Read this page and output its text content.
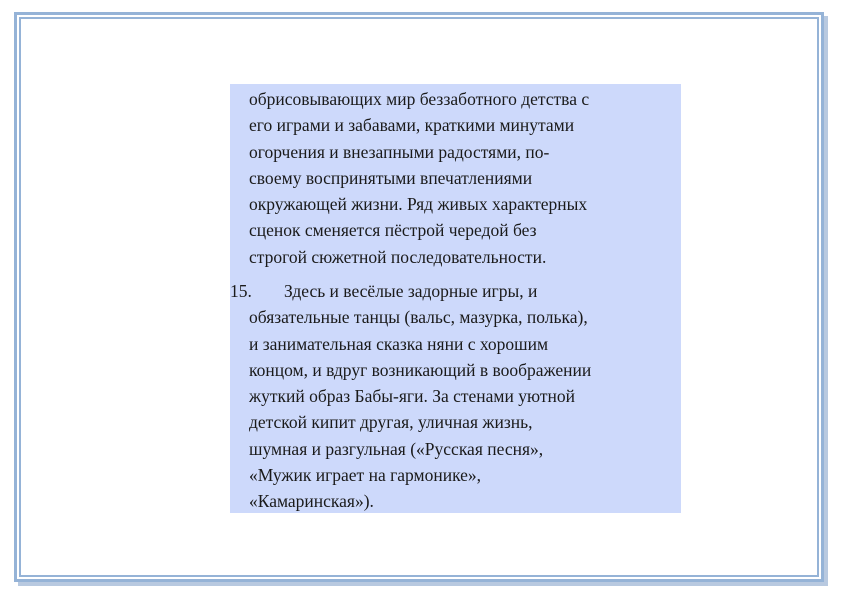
обрисовывающих мир беззаботного детства с
его играми и забавами, краткими минутами
огорчения и внезапными радостями, по-
своему воспринятыми впечатлениями
окружающей жизни. Ряд живых характерных
сценок сменяется пёстрой чередой без
строгой сюжетной последовательности.

15. Здесь и весёлые задорные игры, и
обязательные танцы (вальс, мазурка, полька),
и занимательная сказка няни с хорошим
концом, и вдруг возникающий в воображении
жуткий образ Бабы-яги. За стенами уютной
детской кипит другая, уличная жизнь,
шумная и разгульная («Русская песня»,
«Мужик играет на гармонике»,
«Камаринская»).
